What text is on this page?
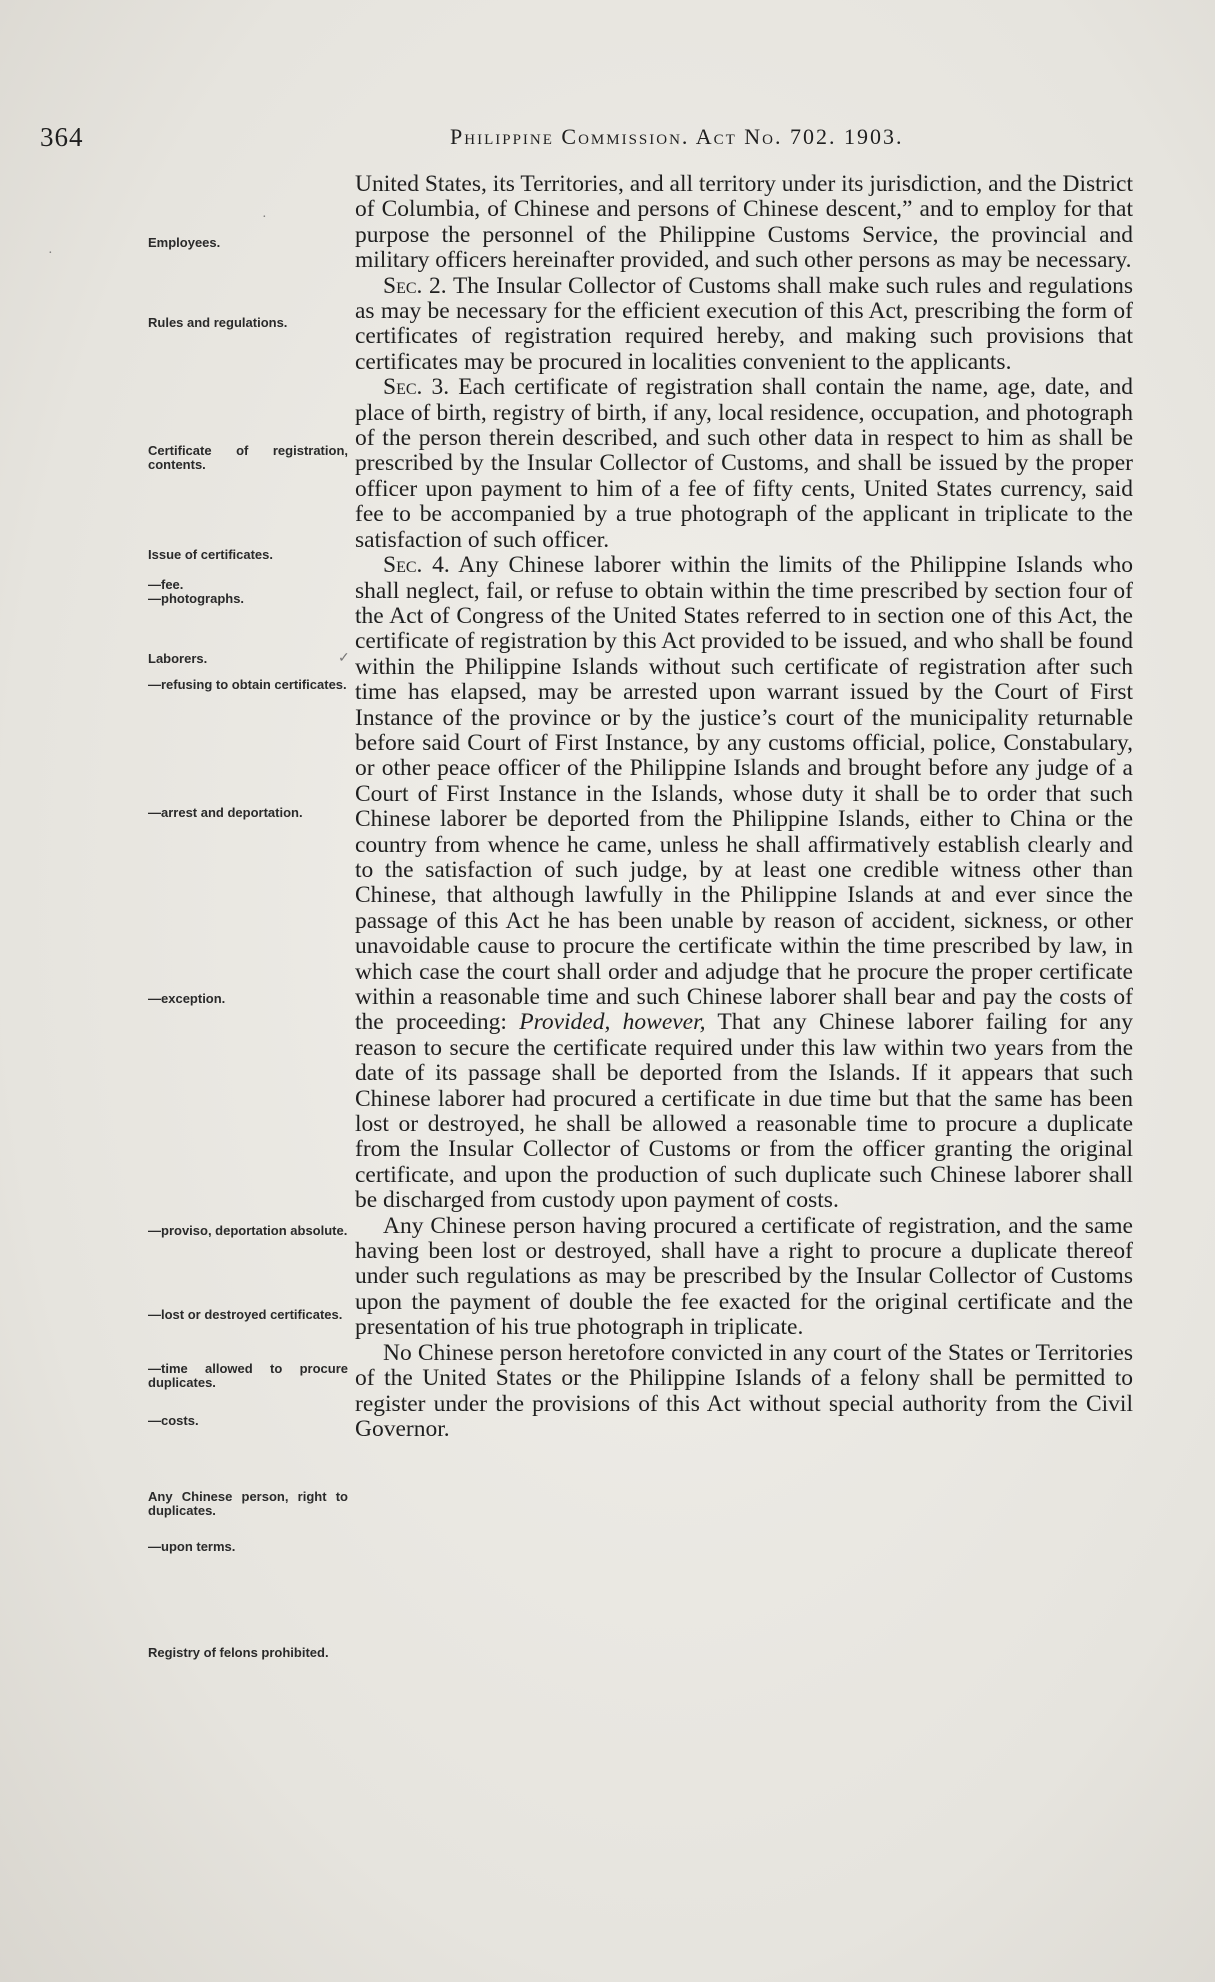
364	Philippine Commission. Act No. 702. 1903.
Employees.
Rules and regulations.
Certificate of registration, contents.
Issue of certificates.
—fee.
—photographs.
Laborers.
—refusing to obtain certificates.
—arrest and deportation.
—exception.
—proviso, deportation absolute.
—lost or destroyed certificates.
—time allowed to procure duplicates.
—costs.
Any Chinese person, right to duplicates.
—upon terms.
Registry of felons prohibited.

United States, its Territories, and all territory under its jurisdiction, and the District of Columbia, of Chinese and persons of Chinese descent,” and to employ for that purpose the personnel of the Philippine Customs Service, the provincial and military officers hereinafter provided, and such other persons as may be necessary.

Sec. 2. The Insular Collector of Customs shall make such rules and regulations as may be necessary for the efficient execution of this Act, prescribing the form of certificates of registration required hereby, and making such provisions that certificates may be procured in localities convenient to the applicants.

Sec. 3. Each certificate of registration shall contain the name, age, date, and place of birth, registry of birth, if any, local residence, occupation, and photograph of the person therein described, and such other data in respect to him as shall be prescribed by the Insular Collector of Customs, and shall be issued by the proper officer upon payment to him of a fee of fifty cents, United States currency, said fee to be accompanied by a true photograph of the applicant in triplicate to the satisfaction of such officer.

Sec. 4. Any Chinese laborer within the limits of the Philippine Islands who shall neglect, fail, or refuse to obtain within the time prescribed by section four of the Act of Congress of the United States referred to in section one of this Act, the certificate of registration by this Act provided to be issued, and who shall be found within the Philippine Islands without such certificate of registration after such time has elapsed, may be arrested upon warrant issued by the Court of First Instance of the province or by the justice’s court of the municipality returnable before said Court of First Instance, by any customs official, police, Constabulary, or other peace officer of the Philippine Islands and brought before any judge of a Court of First Instance in the Islands, whose duty it shall be to order that such Chinese laborer be deported from the Philippine Islands, either to China or the country from whence he came, unless he shall affirmatively establish clearly and to the satisfaction of such judge, by at least one credible witness other than Chinese, that although lawfully in the Philippine Islands at and ever since the passage of this Act he has been unable by reason of accident, sickness, or other unavoidable cause to procure the certificate within the time prescribed by law, in which case the court shall order and adjudge that he procure the proper certificate within a reasonable time and such Chinese laborer shall bear and pay the costs of the proceeding: Provided, however, That any Chinese laborer failing for any reason to secure the certificate required under this law within two years from the date of its passage shall be deported from the Islands. If it appears that such Chinese laborer had procured a certificate in due time but that the same has been lost or destroyed, he shall be allowed a reasonable time to procure a duplicate from the Insular Collector of Customs or from the officer granting the original certificate, and upon the production of such duplicate such Chinese laborer shall be discharged from custody upon payment of costs.

Any Chinese person having procured a certificate of registration, and the same having been lost or destroyed, shall have a right to procure a duplicate thereof under such regulations as may be prescribed by the Insular Collector of Customs upon the payment of double the fee exacted for the original certificate and the presentation of his true photograph in triplicate.

No Chinese person heretofore convicted in any court of the States or Territories of the United States or the Philippine Islands of a felony shall be permitted to register under the provisions of this Act without special authority from the Civil Governor.

·
·
✓
